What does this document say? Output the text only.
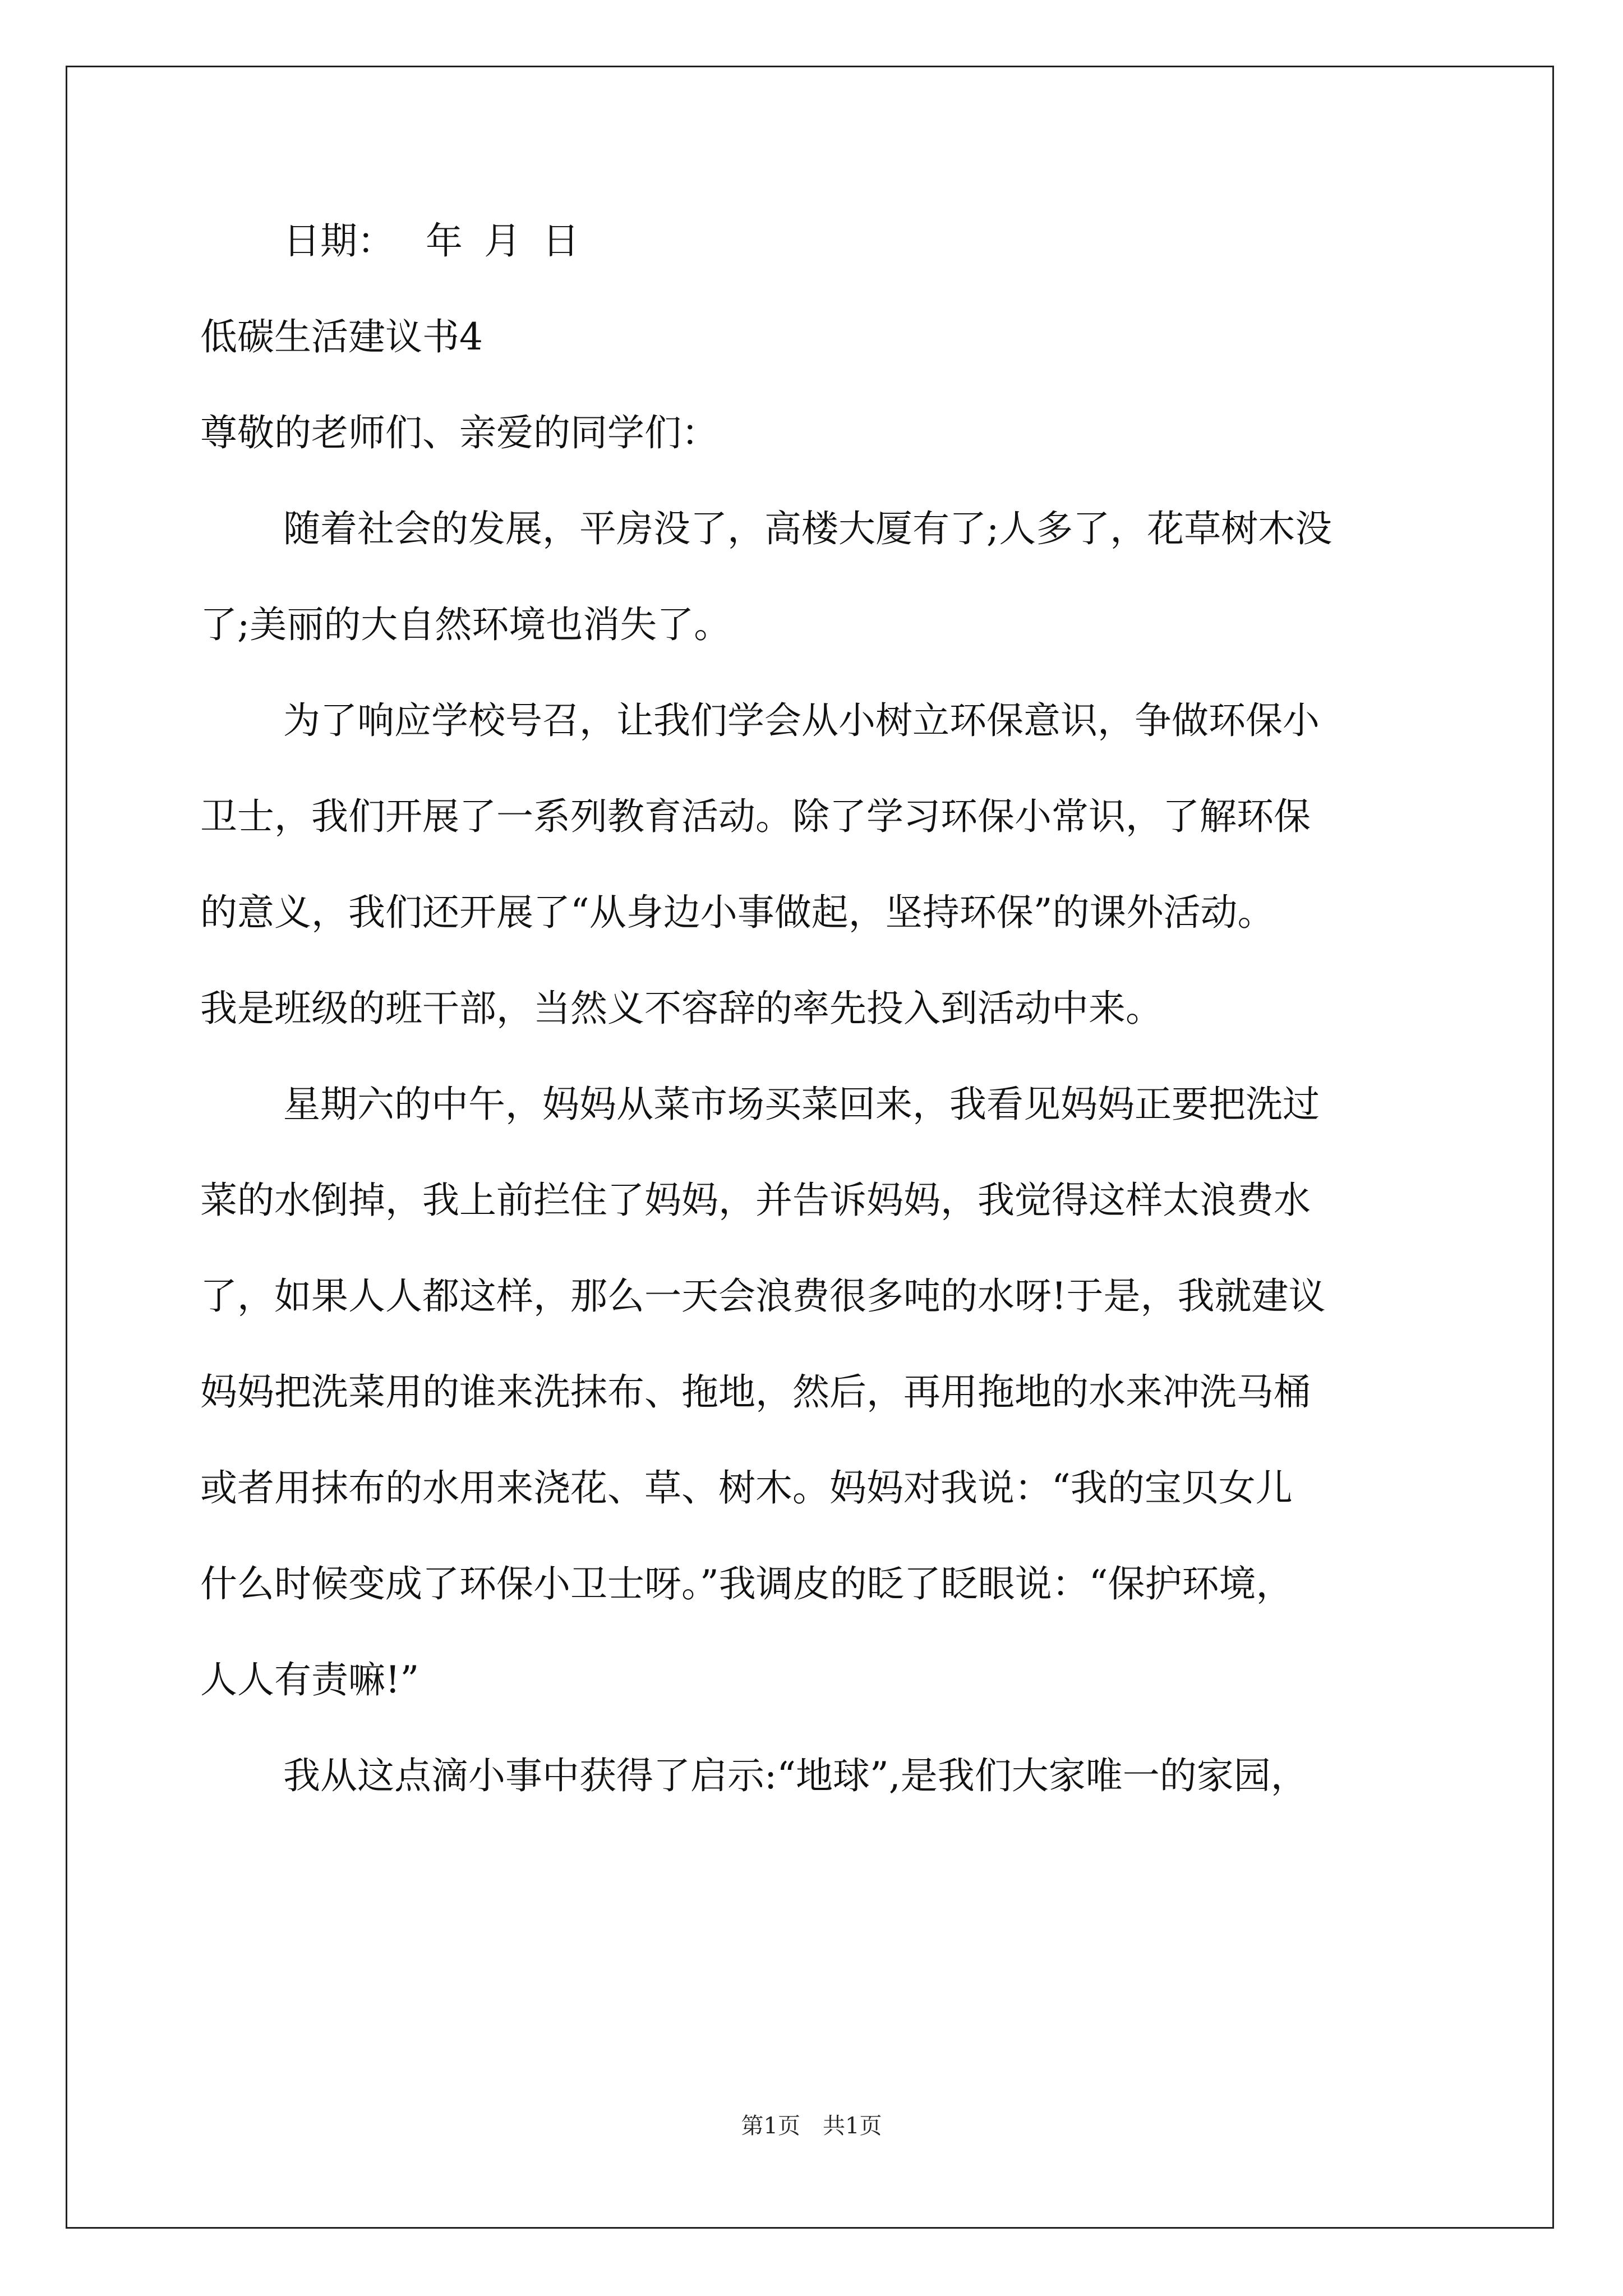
日期： 年 月 日
低碳生活建议书4
尊敬的老师们、亲爱的同学们：
随着社会的发展，平房没了，高楼大厦有了;人多了，花草树木没
了;美丽的大自然环境也消失了。
为了响应学校号召，让我们学会从小树立环保意识，争做环保小
卫士，我们开展了一系列教育活动。除了学习环保小常识，了解环保
的意义，我们还开展了“从身边小事做起，坚持环保”的课外活动。
我是班级的班干部，当然义不容辞的率先投入到活动中来。
星期六的中午，妈妈从菜市场买菜回来，我看见妈妈正要把洗过
菜的水倒掉，我上前拦住了妈妈，并告诉妈妈，我觉得这样太浪费水
了，如果人人都这样，那么一天会浪费很多吨的水呀!于是，我就建议
妈妈把洗菜用的谁来洗抹布、拖地，然后，再用拖地的水来冲洗马桶
或者用抹布的水用来浇花、草、树木。妈妈对我说：“我的宝贝女儿
什么时候变成了环保小卫士呀。”我调皮的眨了眨眼说：“保护环境，
人人有责嘛!”
我从这点滴小事中获得了启示:“地球”,是我们大家唯一的家园，
第1页　共1页
